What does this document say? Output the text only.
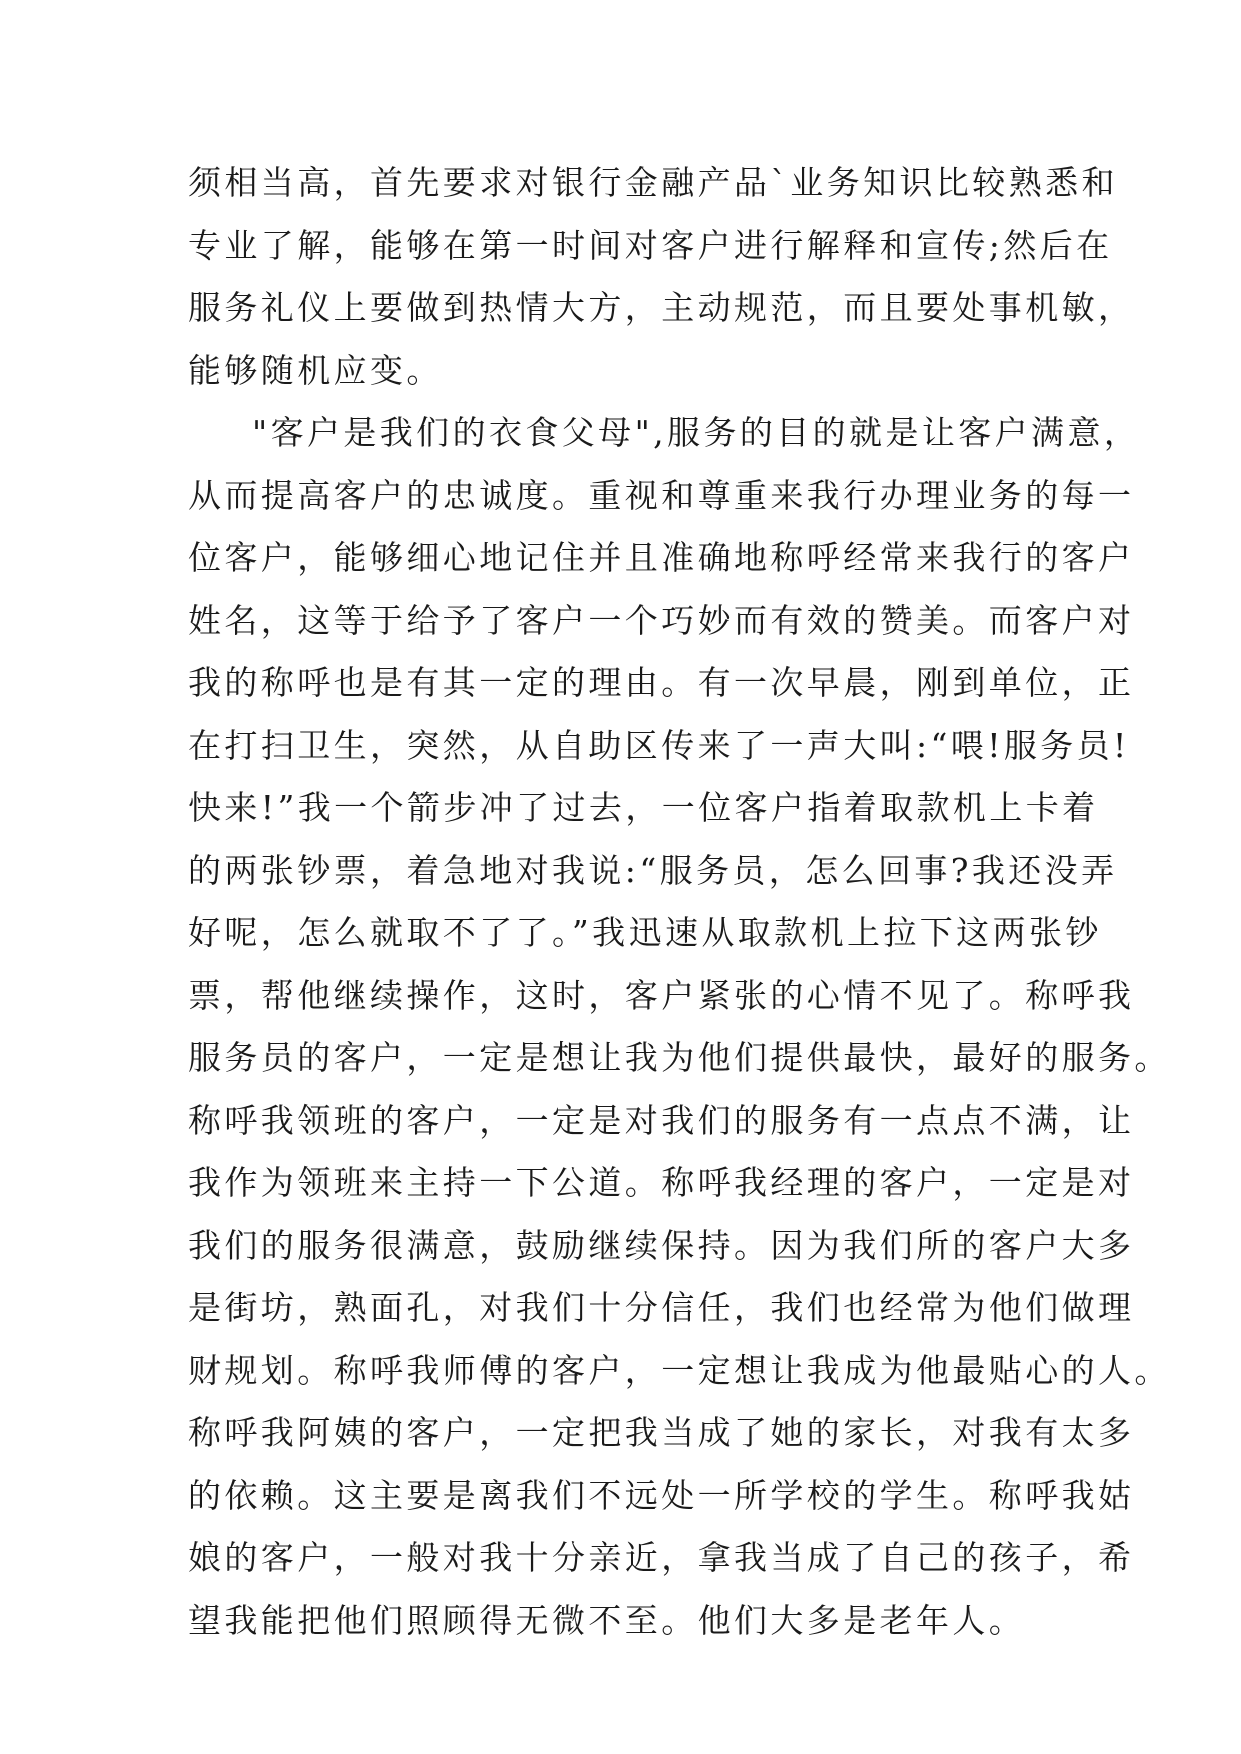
须相当高，首先要求对银行金融产品`业务知识比较熟悉和
专业了解，能够在第一时间对客户进行解释和宣传;然后在
服务礼仪上要做到热情大方，主动规范，而且要处事机敏，
能够随机应变。
"客户是我们的衣食父母",服务的目的就是让客户满意，
从而提高客户的忠诚度。重视和尊重来我行办理业务的每一
位客户，能够细心地记住并且准确地称呼经常来我行的客户
姓名，这等于给予了客户一个巧妙而有效的赞美。而客户对
我的称呼也是有其一定的理由。有一次早晨，刚到单位，正
在打扫卫生，突然，从自助区传来了一声大叫:“喂!服务员!
快来!”我一个箭步冲了过去，一位客户指着取款机上卡着
的两张钞票，着急地对我说:“服务员，怎么回事?我还没弄
好呢，怎么就取不了了。”我迅速从取款机上拉下这两张钞
票，帮他继续操作，这时，客户紧张的心情不见了。称呼我
服务员的客户，一定是想让我为他们提供最快，最好的服务。
称呼我领班的客户，一定是对我们的服务有一点点不满，让
我作为领班来主持一下公道。称呼我经理的客户，一定是对
我们的服务很满意，鼓励继续保持。因为我们所的客户大多
是街坊，熟面孔，对我们十分信任，我们也经常为他们做理
财规划。称呼我师傅的客户，一定想让我成为他最贴心的人。
称呼我阿姨的客户，一定把我当成了她的家长，对我有太多
的依赖。这主要是离我们不远处一所学校的学生。称呼我姑
娘的客户，一般对我十分亲近，拿我当成了自己的孩子，希
望我能把他们照顾得无微不至。他们大多是老年人。
